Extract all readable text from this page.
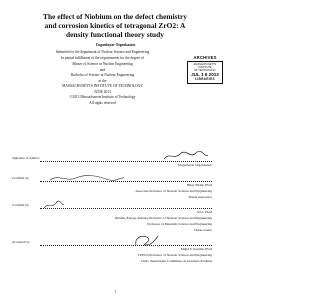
The effect of Niobium on the defect chemistry
and corrosion kinetics of tetragonal ZrO2: A
density functional theory study
Uuganbayar Otgonbaatar
Submitted to the department of Nuclear Science and Engineering
In partial fulfillment of the requirements for the degree of
Master of Science in Nuclear Engineering
and
Bachelor of Science in Nuclear Engineering
at the
MASSACHUSETTS INSTITUTE OF TECHNOLOGY
JUNE 2013
©2013 Massachusetts Institute of Technology
All rights reserved
ARCHIVES
MASSACHUSETTS INSTITUTE
OF TECHNOLOGY
JUL 1 6 2013
LIBRARIES
Signature of Author:
Uuganbayar Otgonbaatar
Certified by:
Bilge Yildiz, Ph.D
Associate Professor of Nuclear Science and Engineering
Thesis supervisor
Certified by:
Ju Li, Ph.D
Battelle Energy Alliance Professor of Nuclear Science and Engineering
Professor of Materials Science and Engineering
Thesis reader
Accepted by:
Mujid S. Kazimi, Ph.D
TEPCO Professor of Nuclear Science and Engineering
Chair, Department Committee on Graduate Students
1
